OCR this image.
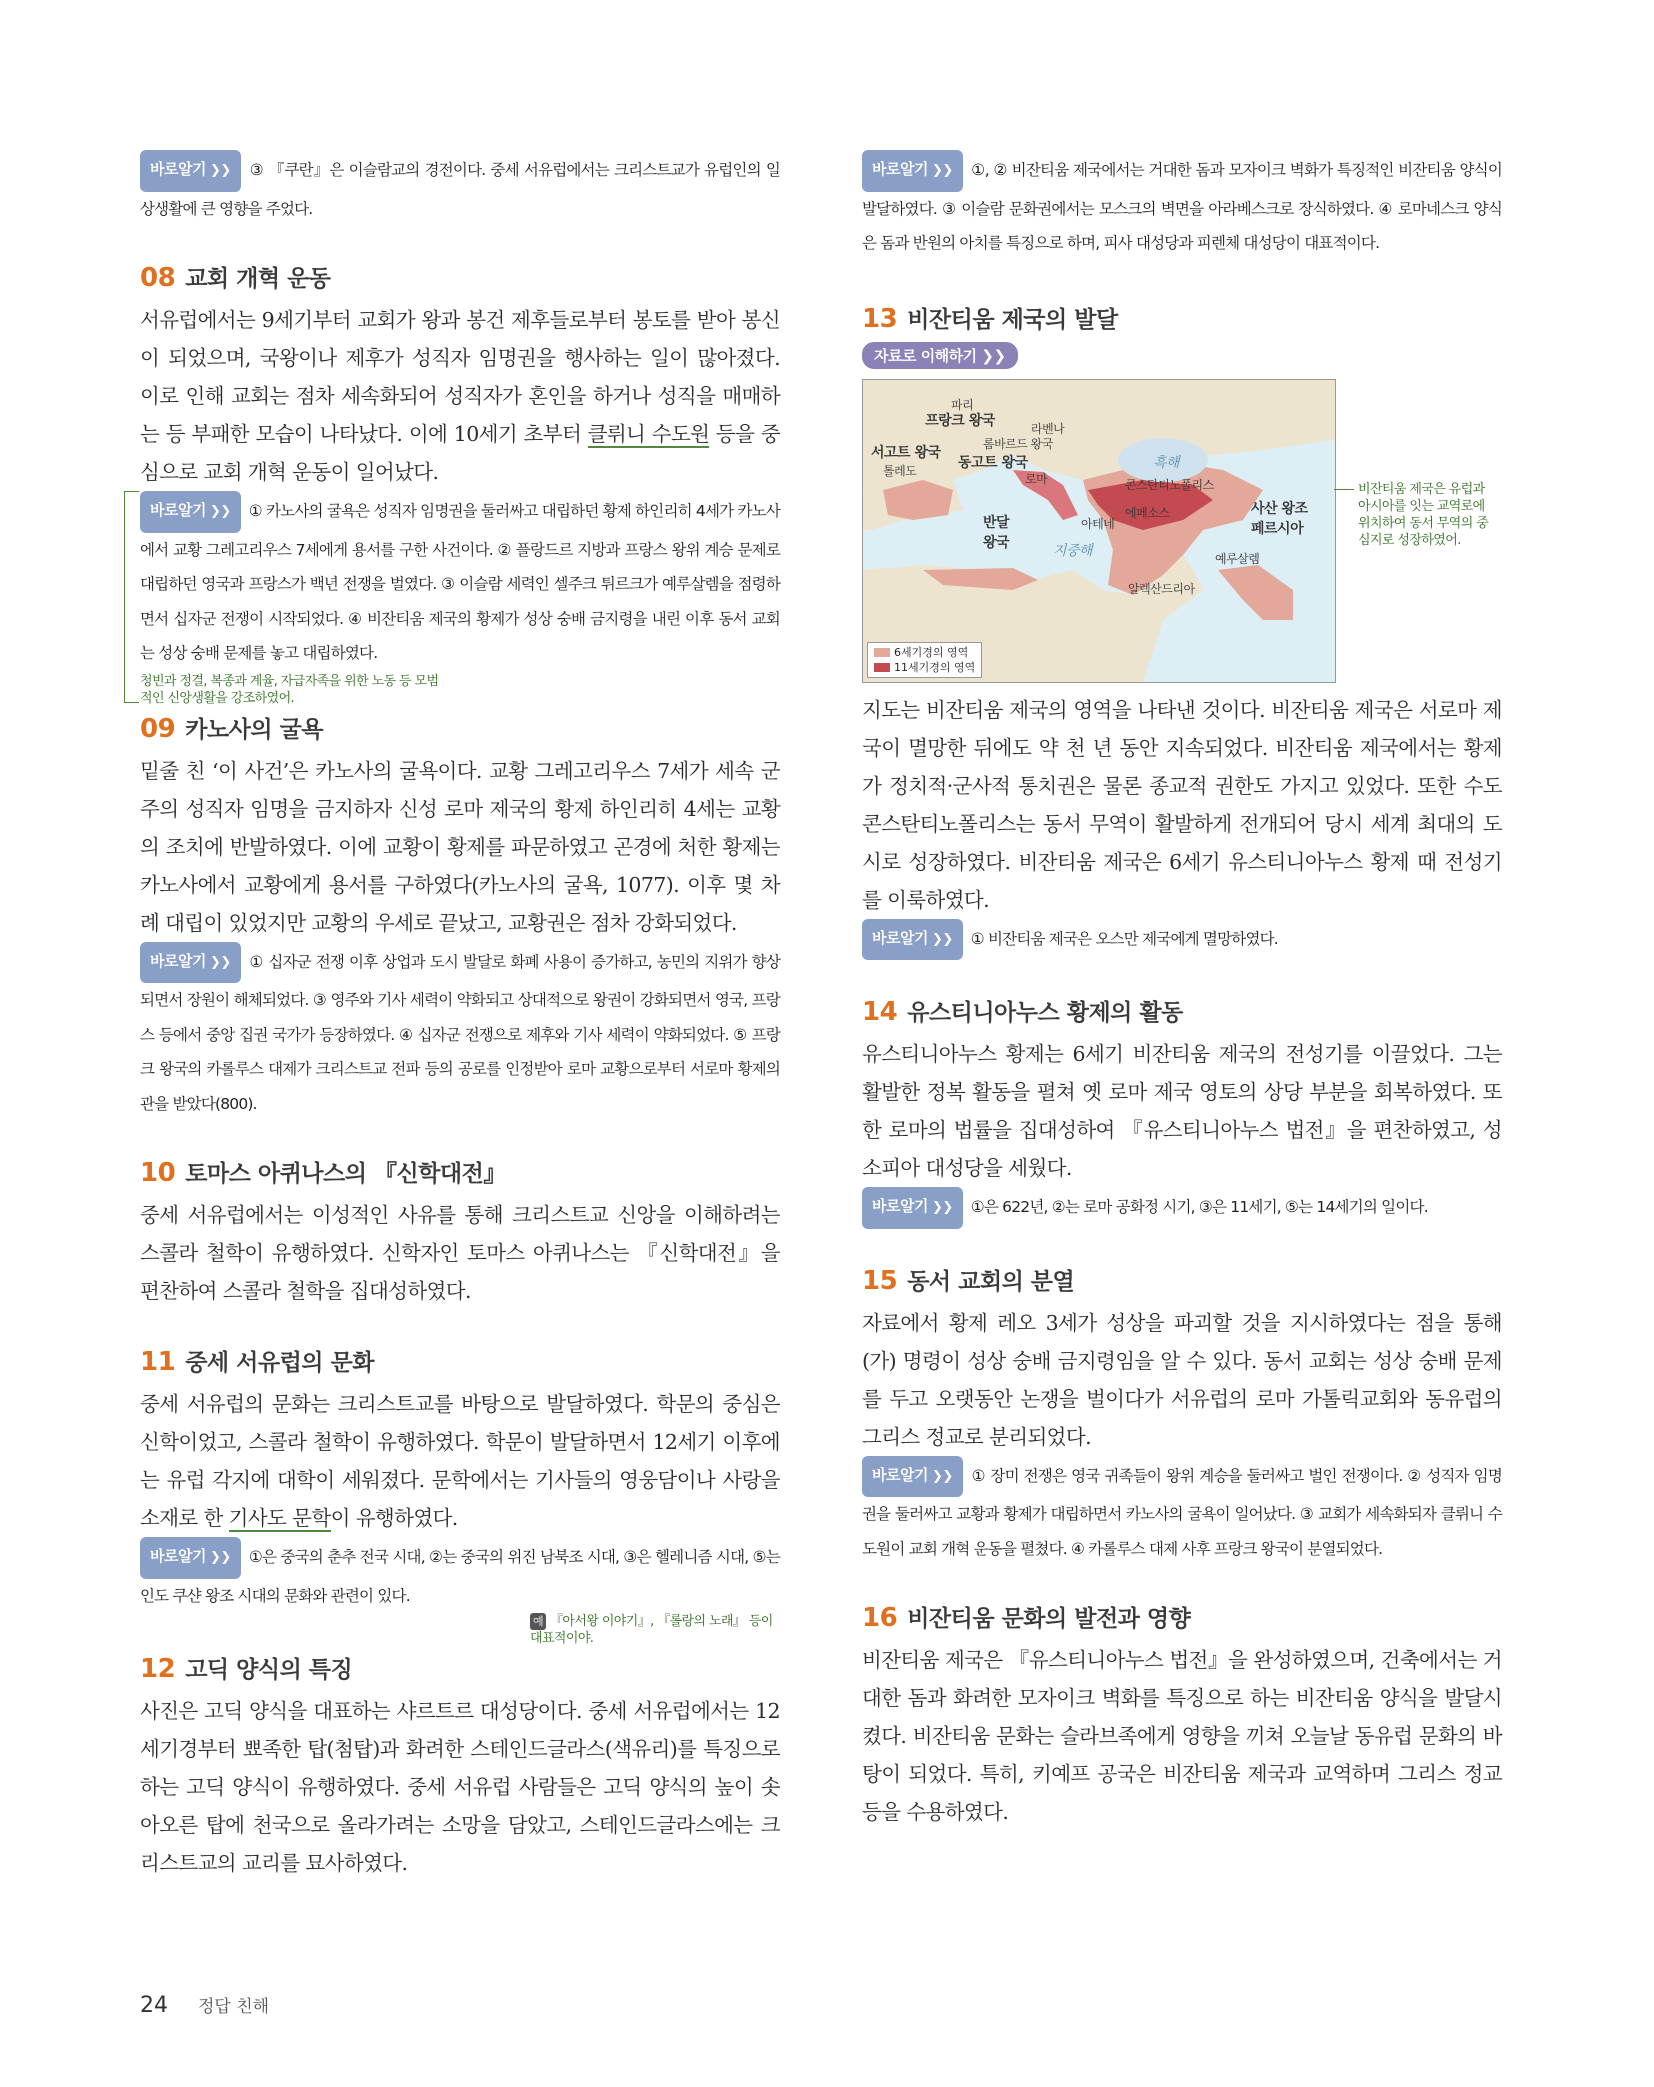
바로알기 ❯❯ ③ 『쿠란』은 이슬람교의 경전이다. 중세 서유럽에서는 크리스트교가 유럽인의 일상생활에 큰 영향을 주었다.

08 교회 개혁 운동

서유럽에서는 9세기부터 교회가 왕과 봉건 제후들로부터 봉토를 받아 봉신이 되었으며, 국왕이나 제후가 성직자 임명권을 행사하는 일이 많아졌다. 이로 인해 교회는 점차 세속화되어 성직자가 혼인을 하거나 성직을 매매하는 등 부패한 모습이 나타났다. 이에 10세기 초부터 클뤼니 수도원 등을 중심으로 교회 개혁 운동이 일어났다.

바로알기 ❯❯ ① 카노사의 굴욕은 성직자 임명권을 둘러싸고 대립하던 황제 하인리히 4세가 카노사에서 교황 그레고리우스 7세에게 용서를 구한 사건이다. ② 플랑드르 지방과 프랑스 왕위 계승 문제로 대립하던 영국과 프랑스가 백년 전쟁을 벌였다. ③ 이슬람 세력인 셀주크 튀르크가 예루살렘을 점령하면서 십자군 전쟁이 시작되었다. ④ 비잔티움 제국의 황제가 성상 숭배 금지령을 내린 이후 동서 교회는 성상 숭배 문제를 놓고 대립하였다.

청빈과 정결, 복종과 계율, 자급자족을 위한 노동 등 모범적인 신앙생활을 강조하였어.
09 카노사의 굴욕

밑줄 친 ‘이 사건’은 카노사의 굴욕이다. 교황 그레고리우스 7세가 세속 군주의 성직자 임명을 금지하자 신성 로마 제국의 황제 하인리히 4세는 교황의 조치에 반발하였다. 이에 교황이 황제를 파문하였고 곤경에 처한 황제는 카노사에서 교황에게 용서를 구하였다(카노사의 굴욕, 1077). 이후 몇 차례 대립이 있었지만 교황의 우세로 끝났고, 교황권은 점차 강화되었다.

바로알기 ❯❯ ① 십자군 전쟁 이후 상업과 도시 발달로 화폐 사용이 증가하고, 농민의 지위가 향상되면서 장원이 해체되었다. ③ 영주와 기사 세력이 약화되고 상대적으로 왕권이 강화되면서 영국, 프랑스 등에서 중앙 집권 국가가 등장하였다. ④ 십자군 전쟁으로 제후와 기사 세력이 약화되었다. ⑤ 프랑크 왕국의 카롤루스 대제가 크리스트교 전파 등의 공로를 인정받아 로마 교황으로부터 서로마 황제의 관을 받았다(800).

10 토마스 아퀴나스의 『신학대전』

중세 서유럽에서는 이성적인 사유를 통해 크리스트교 신앙을 이해하려는 스콜라 철학이 유행하였다. 신학자인 토마스 아퀴나스는 『신학대전』을 편찬하여 스콜라 철학을 집대성하였다.

11 중세 서유럽의 문화

중세 서유럽의 문화는 크리스트교를 바탕으로 발달하였다. 학문의 중심은 신학이었고, 스콜라 철학이 유행하였다. 학문이 발달하면서 12세기 이후에는 유럽 각지에 대학이 세워졌다. 문학에서는 기사들의 영웅담이나 사랑을 소재로 한 기사도 문학이 유행하였다.

바로알기 ❯❯ ①은 중국의 춘추 전국 시대, ②는 중국의 위진 남북조 시대, ③은 헬레니즘 시대, ⑤는 인도 쿠샨 왕조 시대의 문화와 관련이 있다.

예 『아서왕 이야기』, 『롤랑의 노래』 등이 대표적이야.
12 고딕 양식의 특징

사진은 고딕 양식을 대표하는 샤르트르 대성당이다. 중세 서유럽에서는 12세기경부터 뾰족한 탑(첨탑)과 화려한 스테인드글라스(색유리)를 특징으로 하는 고딕 양식이 유행하였다. 중세 서유럽 사람들은 고딕 양식의 높이 솟아오른 탑에 천국으로 올라가려는 소망을 담았고, 스테인드글라스에는 크리스트교의 교리를 묘사하였다.

바로알기 ❯❯ ①, ② 비잔티움 제국에서는 거대한 돔과 모자이크 벽화가 특징적인 비잔티움 양식이 발달하였다. ③ 이슬람 문화권에서는 모스크의 벽면을 아라베스크로 장식하였다. ④ 로마네스크 양식은 돔과 반원의 아치를 특징으로 하며, 피사 대성당과 피렌체 대성당이 대표적이다.

13 비잔티움 제국의 발달
자료로 이해하기 ❯❯
파리
프랑크 왕국
서고트 왕국
톨레도
롬바르드 왕국
동고트 왕국
라벤나
로마
흑해
콘스탄티노폴리스
에페소스
아테네
반달 왕국	지중해
사산 왕조 페르시아
예루살렘
알렉산드리아
6세기경의 영역
11세기경의 영역
비잔티움 제국은 유럽과 아시아를 잇는 교역로에 위치하여 동서 무역의 중심지로 성장하였어.

지도는 비잔티움 제국의 영역을 나타낸 것이다. 비잔티움 제국은 서로마 제국이 멸망한 뒤에도 약 천 년 동안 지속되었다. 비잔티움 제국에서는 황제가 정치적·군사적 통치권은 물론 종교적 권한도 가지고 있었다. 또한 수도 콘스탄티노폴리스는 동서 무역이 활발하게 전개되어 당시 세계 최대의 도시로 성장하였다. 비잔티움 제국은 6세기 유스티니아누스 황제 때 전성기를 이룩하였다.

바로알기 ❯❯ ① 비잔티움 제국은 오스만 제국에게 멸망하였다.

14 유스티니아누스 황제의 활동

유스티니아누스 황제는 6세기 비잔티움 제국의 전성기를 이끌었다. 그는 활발한 정복 활동을 펼쳐 옛 로마 제국 영토의 상당 부분을 회복하였다. 또한 로마의 법률을 집대성하여 『유스티니아누스 법전』을 편찬하였고, 성 소피아 대성당을 세웠다.

바로알기 ❯❯ ①은 622년, ②는 로마 공화정 시기, ③은 11세기, ⑤는 14세기의 일이다.

15 동서 교회의 분열

자료에서 황제 레오 3세가 성상을 파괴할 것을 지시하였다는 점을 통해 (가) 명령이 성상 숭배 금지령임을 알 수 있다. 동서 교회는 성상 숭배 문제를 두고 오랫동안 논쟁을 벌이다가 서유럽의 로마 가톨릭교회와 동유럽의 그리스 정교로 분리되었다.

바로알기 ❯❯ ① 장미 전쟁은 영국 귀족들이 왕위 계승을 둘러싸고 벌인 전쟁이다. ② 성직자 임명권을 둘러싸고 교황과 황제가 대립하면서 카노사의 굴욕이 일어났다. ③ 교회가 세속화되자 클뤼니 수도원이 교회 개혁 운동을 펼쳤다. ④ 카롤루스 대제 사후 프랑크 왕국이 분열되었다.

16 비잔티움 문화의 발전과 영향

비잔티움 제국은 『유스티니아누스 법전』을 완성하였으며, 건축에서는 거대한 돔과 화려한 모자이크 벽화를 특징으로 하는 비잔티움 양식을 발달시켰다. 비잔티움 문화는 슬라브족에게 영향을 끼쳐 오늘날 동유럽 문화의 바탕이 되었다. 특히, 키예프 공국은 비잔티움 제국과 교역하며 그리스 정교 등을 수용하였다.

24 정답 친해
